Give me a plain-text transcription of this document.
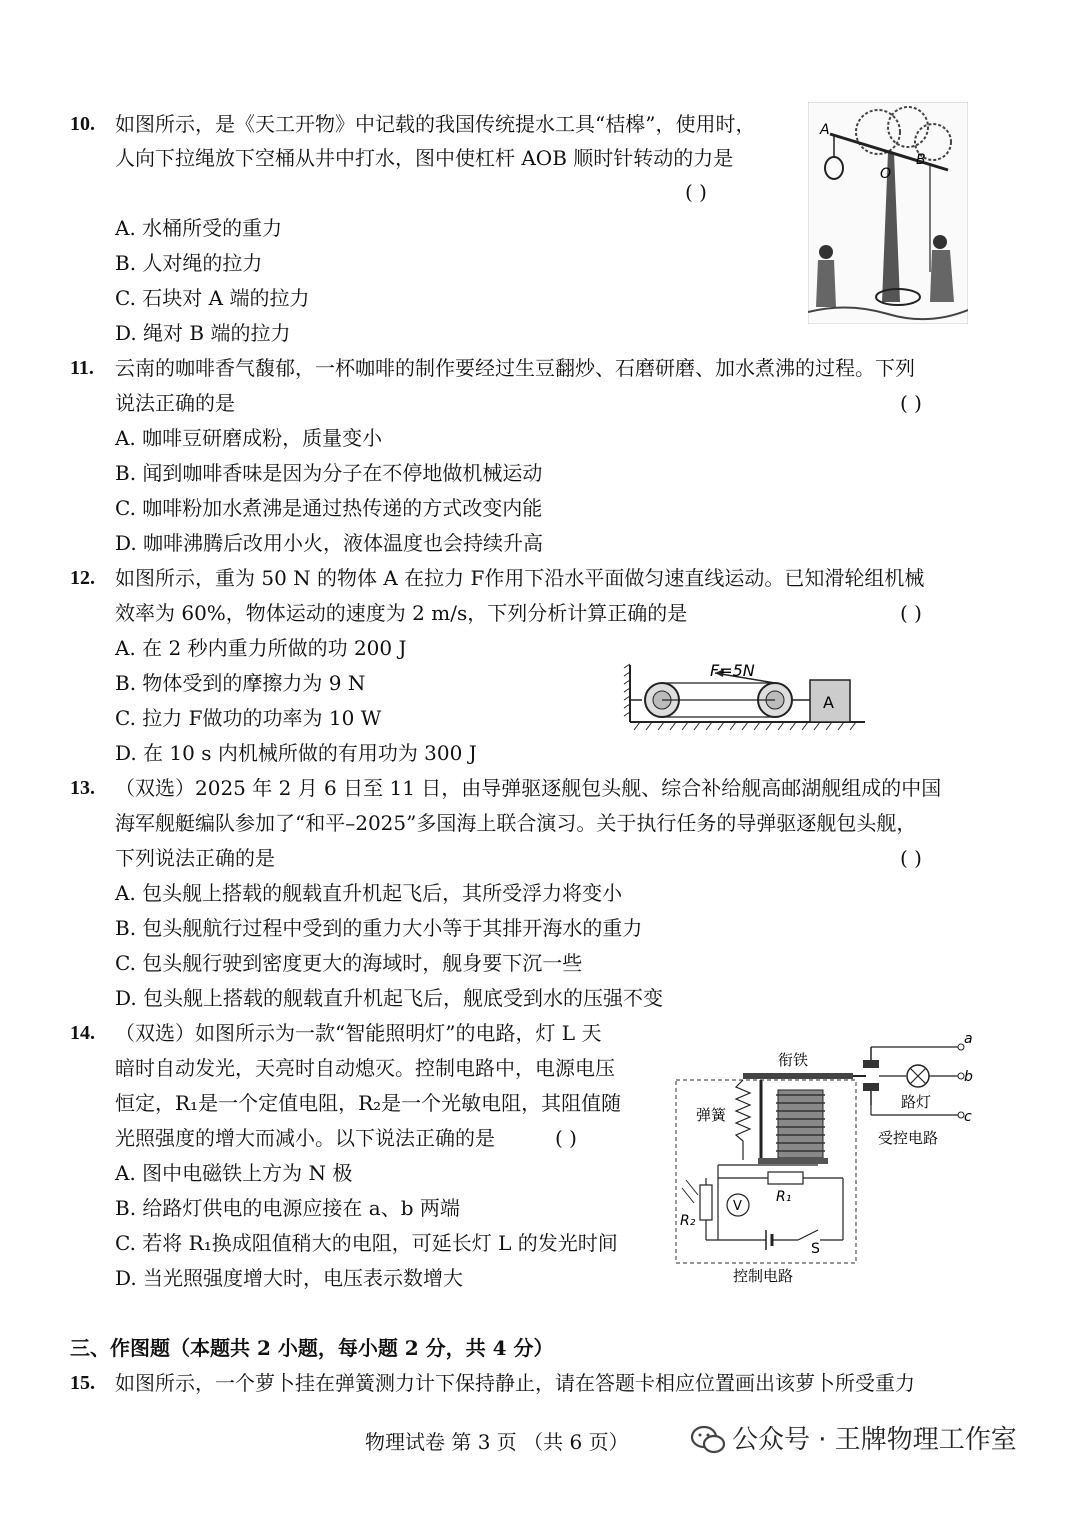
10. 如图所示，是《天工开物》中记载的我国传统提水工具“桔槔”，使用时，
人向下拉绳放下空桶从井中打水，图中使杠杆 AOB 顺时针转动的力是
( )
A. 水桶所受的重力
B. 人对绳的拉力
C. 石块对 A 端的拉力
D. 绳对 B 端的拉力
A
B
O
11. 云南的咖啡香气馥郁，一杯咖啡的制作要经过生豆翻炒、石磨研磨、加水煮沸的过程。下列
说法正确的是	( )
A. 咖啡豆研磨成粉，质量变小
B. 闻到咖啡香味是因为分子在不停地做机械运动
C. 咖啡粉加水煮沸是通过热传递的方式改变内能
D. 咖啡沸腾后改用小火，液体温度也会持续升高
12. 如图所示，重为 50 N 的物体 A 在拉力 F作用下沿水平面做匀速直线运动。已知滑轮组机械
效率为 60%，物体运动的速度为 2 m/s，下列分析计算正确的是	( )
A. 在 2 秒内重力所做的功 200 J
B. 物体受到的摩擦力为 9 N
C. 拉力 F做功的功率为 10 W
D. 在 10 s 内机械所做的有用功为 300 J
F=5N
A
13. （双选）2025 年 2 月 6 日至 11 日，由导弹驱逐舰包头舰、综合补给舰高邮湖舰组成的中国
海军舰艇编队参加了“和平–2025”多国海上联合演习。关于执行任务的导弹驱逐舰包头舰，
下列说法正确的是	( )
A. 包头舰上搭载的舰载直升机起飞后，其所受浮力将变小
B. 包头舰航行过程中受到的重力大小等于其排开海水的重力
C. 包头舰行驶到密度更大的海域时，舰身要下沉一些
D. 包头舰上搭载的舰载直升机起飞后，舰底受到水的压强不变
14. （双选）如图所示为一款“智能照明灯”的电路，灯 L 天
暗时自动发光，天亮时自动熄灭。控制电路中，电源电压
恒定，R₁是一个定值电阻，R₂是一个光敏电阻，其阻值随
光照强度的增大而减小。以下说法正确的是	( )
A. 图中电磁铁上方为 N 极
B. 给路灯供电的电源应接在 a、b 两端
C. 若将 R₁换成阻值稍大的电阻，可延长灯 L 的发光时间
D. 当光照强度增大时，电压表示数增大
衔铁
弹簧
路灯
受控电路
控制电路
R₁
R₂
S
V
a
b
c
三、作图题（本题共 2 小题，每小题 2 分，共 4 分）
15. 如图所示，一个萝卜挂在弹簧测力计下保持静止，请在答题卡相应位置画出该萝卜所受重力
物理试卷 第 3 页 （共 6 页）	公众号 · 王牌物理工作室
